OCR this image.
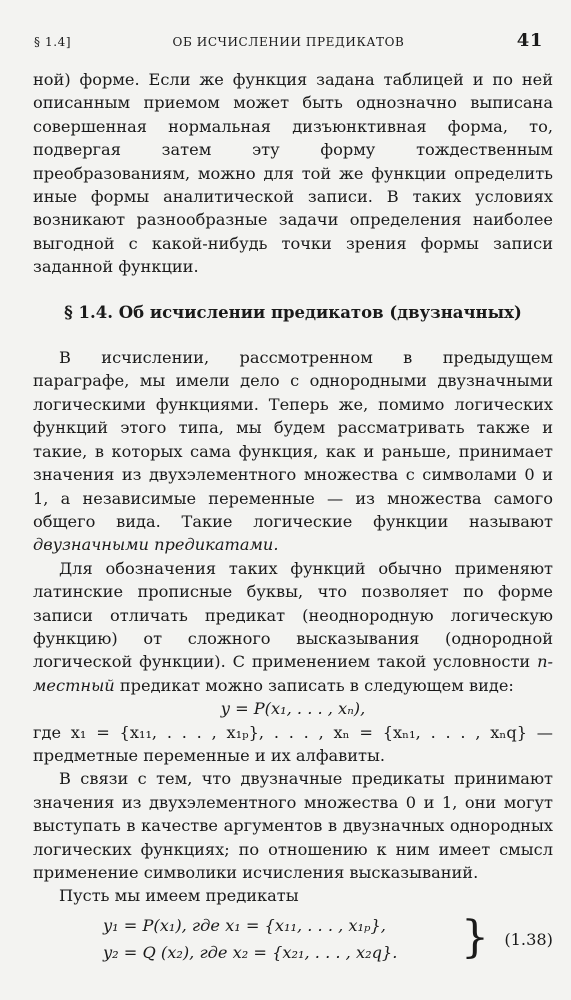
§ 1.4]	ОБ ИСЧИСЛЕНИИ ПРЕДИКАТОВ	41

ной) форме. Если же функция задана таблицей и по ней описанным приемом может быть однозначно выписана совершенная нормальная дизъюнктивная форма, то, подвергая затем эту форму тождественным преобразованиям, можно для той же функции определить иные формы аналитической записи. В таких условиях возникают разнообразные задачи определения наиболее выгодной с какой-нибудь точки зрения формы записи заданной функции.

§ 1.4. Об исчислении предикатов (двузначных)

В исчислении, рассмотренном в предыдущем параграфе, мы имели дело с однородными двузначными логическими функциями. Теперь же, помимо логических функций этого типа, мы будем рассматривать также и такие, в которых сама функция, как и раньше, принимает значения из двухэлементного множества с символами 0 и 1, а независимые переменные — из множества самого общего вида. Такие логические функции называют двузначными предикатами.

Для обозначения таких функций обычно применяют латинские прописные буквы, что позволяет по форме записи отличать предикат (неоднородную логическую функцию) от сложного высказывания (однородной логической функции). С применением такой условности n-местный предикат можно записать в следующем виде:

y = P(x₁, . . . , xₙ),

где x₁ = {x₁₁, . . . , x₁ₚ}, . . . , xₙ = {xₙ₁, . . . , xₙq} — предметные переменные и их алфавиты.

В связи с тем, что двузначные предикаты принимают значения из двухэлементного множества 0 и 1, они могут выступать в качестве аргументов в двузначных однородных логических функциях; по отношению к ним имеет смысл применение символики исчисления высказываний.

Пусть мы имеем предикаты

y₁ = P(x₁), где x₁ = {x₁₁, . . . , x₁ₚ},
y₂ = Q (x₂), где x₂ = {x₂₁, . . . , x₂q}. } (1.38)
